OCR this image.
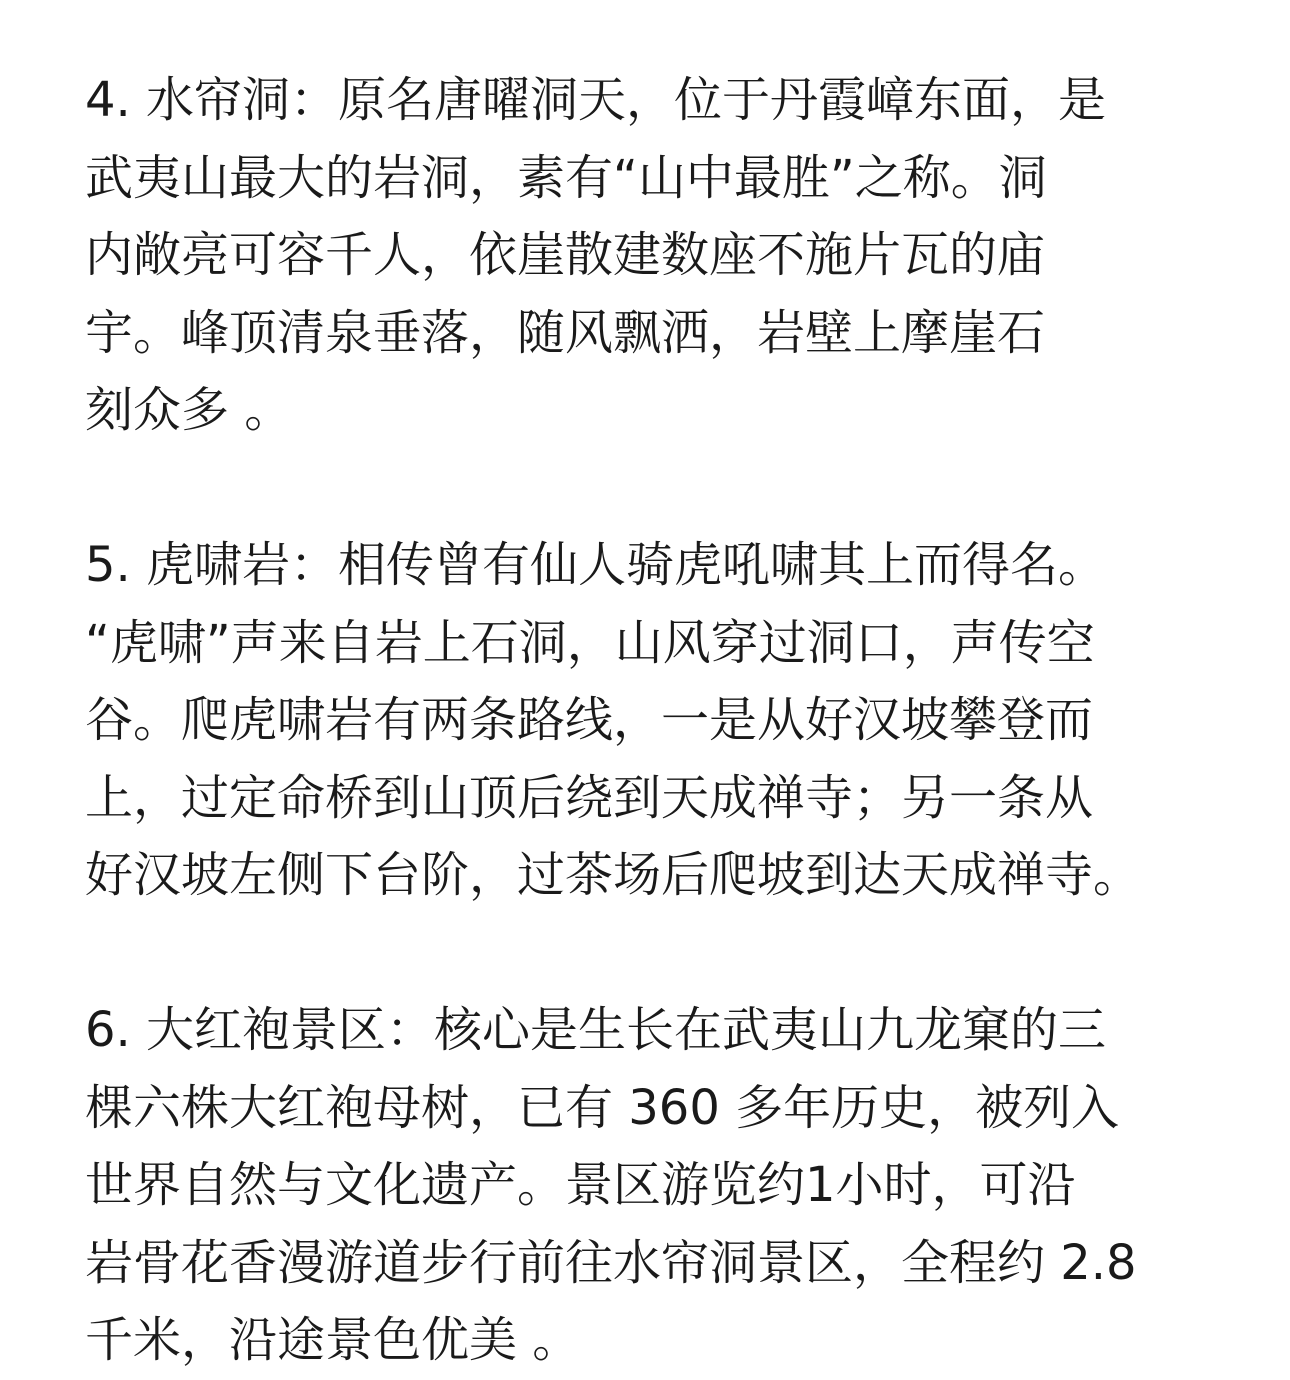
4. 水帘洞：原名唐曜洞天，位于丹霞嶂东面，是
武夷山最大的岩洞，素有“山中最胜”之称。洞
内敞亮可容千人，依崖散建数座不施片瓦的庙
宇。峰顶清泉垂落，随风飘洒，岩壁上摩崖石
刻众多 。

5. 虎啸岩：相传曾有仙人骑虎吼啸其上而得名。
“虎啸”声来自岩上石洞，山风穿过洞口，声传空
谷。爬虎啸岩有两条路线，一是从好汉坡攀登而
上，过定命桥到山顶后绕到天成禅寺；另一条从
好汉坡左侧下台阶，过茶场后爬坡到达天成禅寺。

6. 大红袍景区：核心是生长在武夷山九龙窠的三
棵六株大红袍母树，已有 360 多年历史，被列入
世界自然与文化遗产。景区游览约1小时，可沿
岩骨花香漫游道步行前往水帘洞景区，全程约 2.8
千米，沿途景色优美 。
